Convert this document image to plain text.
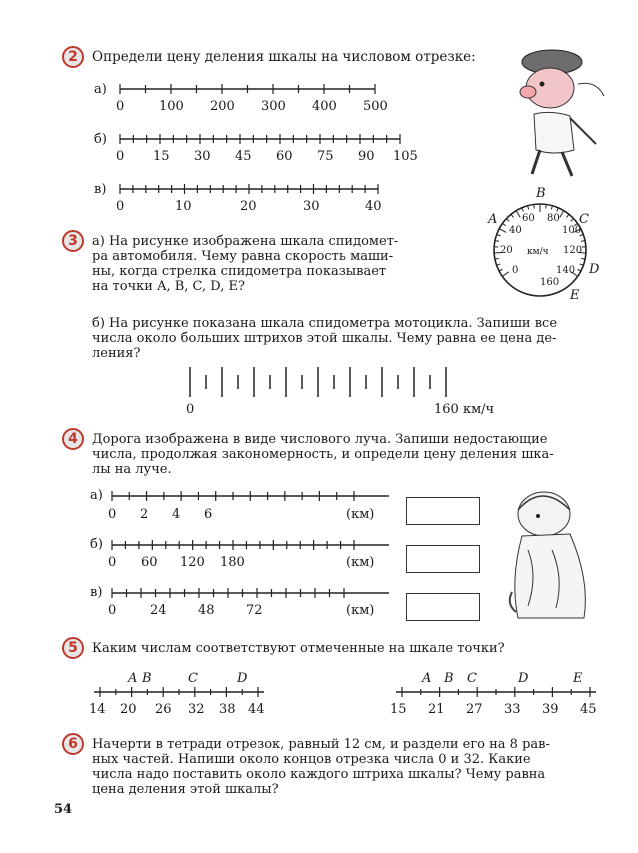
2	Определи цену деления шкалы на числовом отрезке:
а)
0	100 200 300 400 500
б)
0 15 30 45 60 75 90 105
в)
0	10	20	30	40
3	а) На рисунке изображена шкала спидомет-
ра автомобиля. Чему равна скорость маши-
ны, когда стрелка спидометра показывает
на точки A, B, C, D, E?
B
A	C
D
E
60 80
40	100
20 км/ч 120
0	140
160
б) На рисунке показана шкала спидометра мотоцикла. Запиши все
числа около больших штрихов этой шкалы. Чему равна ее цена де-
ления?
0	160 км/ч
4	Дорога изображена в виде числового луча. Запиши недостающие
числа, продолжая закономерность, и определи цену деления шка-
лы на луче.
а)
0 2 4 6	(км)
б)
0 60 120 180	(км)
в)
0	24 48 72	(км)
5	Каким числам соответствуют отмеченные на шкале точки?
A B	C	D
14 20 26 32 38 44
A B C	D	E
15 21 27 33 39 45
6	Начерти в тетради отрезок, равный 12 см, и раздели его на 8 рав-
ных частей. Напиши около концов отрезка числа 0 и 32. Какие
числа надо поставить около каждого штриха шкалы? Чему равна
цена деления этой шкалы?
54
